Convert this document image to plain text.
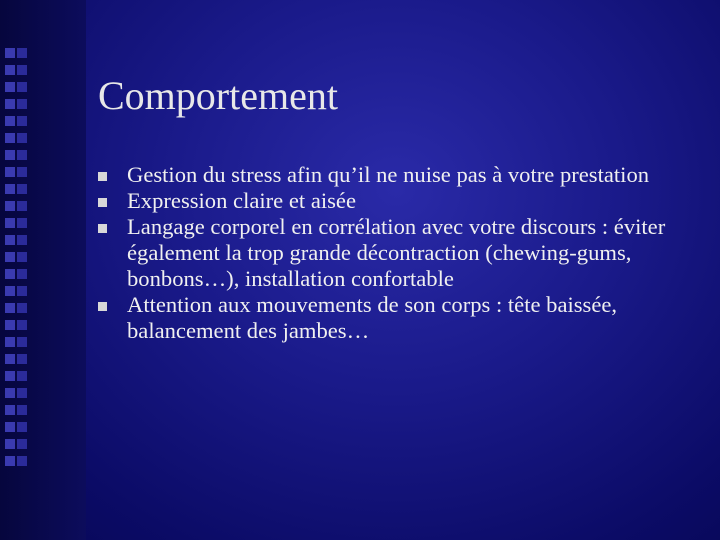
Comportement
Gestion du stress afin qu’il ne nuise pas à votre prestation
Expression claire et aisée
Langage corporel en corrélation avec votre discours : éviter également la trop grande décontraction (chewing-gums, bonbons…), installation confortable
Attention aux mouvements de son corps : tête baissée, balancement des jambes…
